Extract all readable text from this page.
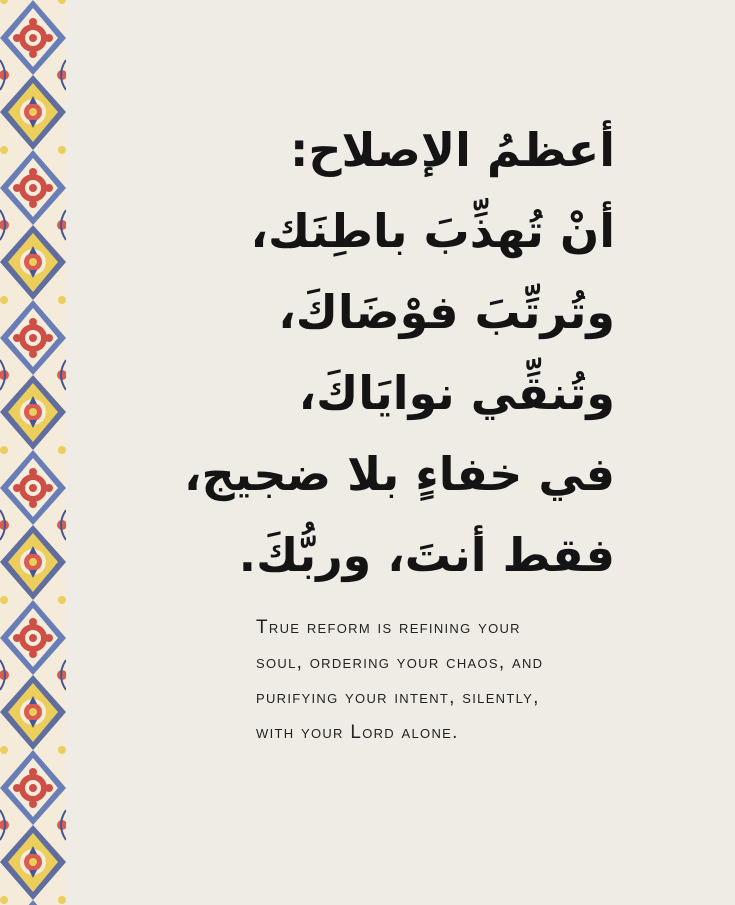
أعظمُ الإصلاح:
أنْ تُهذِّبَ باطِنَك،
وتُرتِّبَ فوْضَاكَ،
وتُنقِّي نوايَاكَ،
في خفاءٍ بلا ضجيج،
فقط أنتَ، وربُّكَ.
True reform is refining your
soul, ordering your chaos, and
purifying your intent, silently,
with your Lord alone.
